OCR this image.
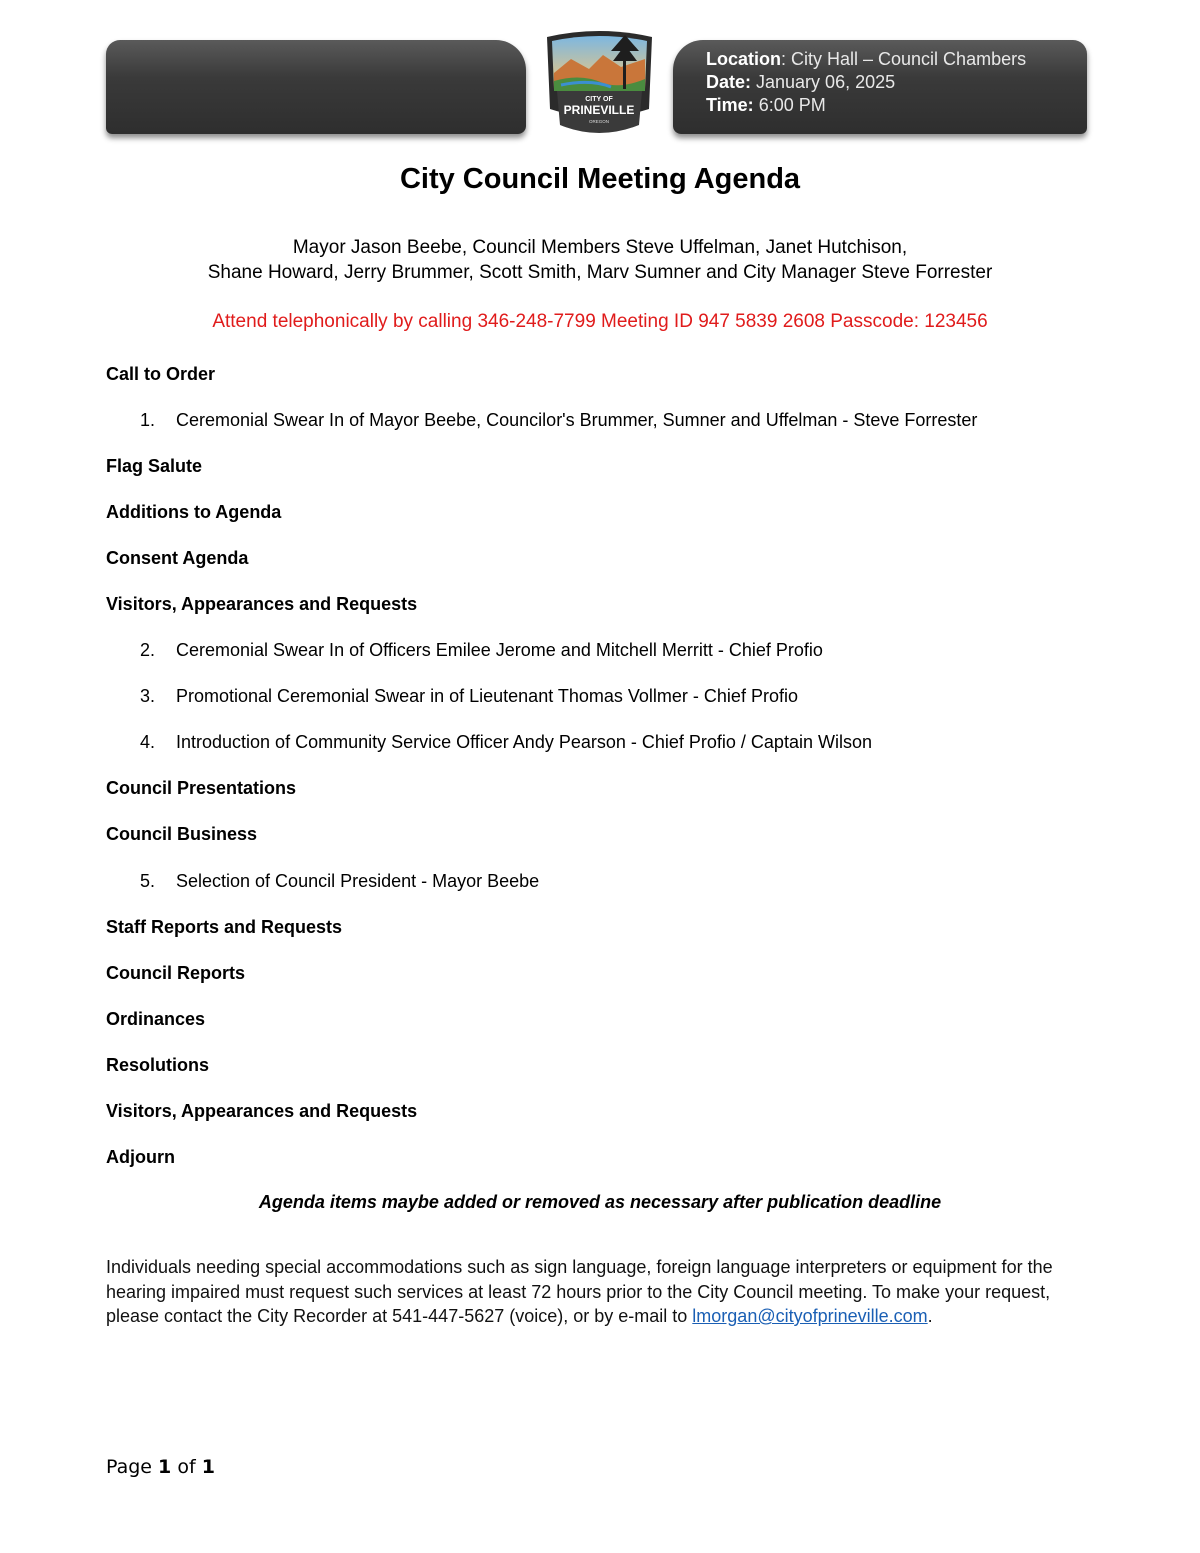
Location: City Hall – Council Chambers
Date: January 06, 2025
Time: 6:00 PM
CITY OF
PRINEVILLE
OREGON
City Council Meeting Agenda
Mayor Jason Beebe, Council Members Steve Uffelman, Janet Hutchison,
Shane Howard, Jerry Brummer, Scott Smith, Marv Sumner and City Manager Steve Forrester
Attend telephonically by calling 346-248-7799 Meeting ID 947 5839 2608 Passcode: 123456
Call to Order
1. Ceremonial Swear In of Mayor Beebe, Councilor's Brummer, Sumner and Uffelman - Steve Forrester
Flag Salute
Additions to Agenda
Consent Agenda
Visitors, Appearances and Requests
2. Ceremonial Swear In of Officers Emilee Jerome and Mitchell Merritt - Chief Profio
3. Promotional Ceremonial Swear in of Lieutenant Thomas Vollmer - Chief Profio
4. Introduction of Community Service Officer Andy Pearson - Chief Profio / Captain Wilson
Council Presentations
Council Business
5. Selection of Council President - Mayor Beebe
Staff Reports and Requests
Council Reports
Ordinances
Resolutions
Visitors, Appearances and Requests
Adjourn
Agenda items maybe added or removed as necessary after publication deadline
Individuals needing special accommodations such as sign language, foreign language interpreters or equipment for the hearing impaired must request such services at least 72 hours prior to the City Council meeting. To make your request, please contact the City Recorder at 541-447-5627 (voice), or by e-mail to lmorgan@cityofprineville.com.
Page 1 of 1
